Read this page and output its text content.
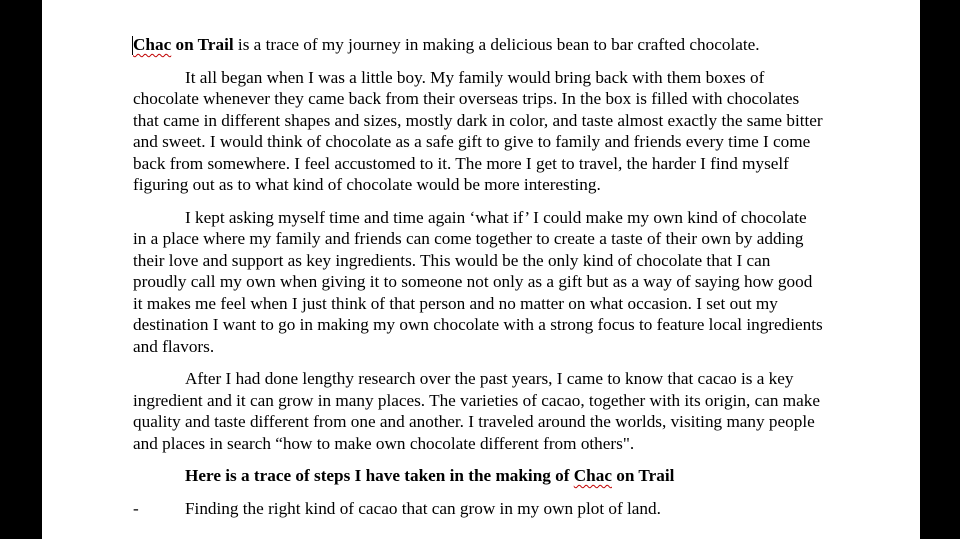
Chac on Trail is a trace of my journey in making a delicious bean to bar crafted chocolate.

It all began when I was a little boy. My family would bring back with them boxes of chocolate whenever they came back from their overseas trips. In the box is filled with chocolates that came in different shapes and sizes, mostly dark in color, and taste almost exactly the same bitter and sweet. I would think of chocolate as a safe gift to give to family and friends every time I come back from somewhere. I feel accustomed to it. The more I get to travel, the harder I find myself figuring out as to what kind of chocolate would be more interesting.

I kept asking myself time and time again ‘what if’ I could make my own kind of chocolate in a place where my family and friends can come together to create a taste of their own by adding their love and support as key ingredients. This would be the only kind of chocolate that I can proudly call my own when giving it to someone not only as a gift but as a way of saying how good it makes me feel when I just think of that person and no matter on what occasion. I set out my destination I want to go in making my own chocolate with a strong focus to feature local ingredients and flavors.

After I had done lengthy research over the past years, I came to know that cacao is a key ingredient and it can grow in many places. The varieties of cacao, together with its origin, can make quality and taste different from one and another. I traveled around the worlds, visiting many people and places in search “how to make own chocolate different from others".

Here is a trace of steps I have taken in the making of Chac on Trail

-	Finding the right kind of cacao that can grow in my own plot of land.
